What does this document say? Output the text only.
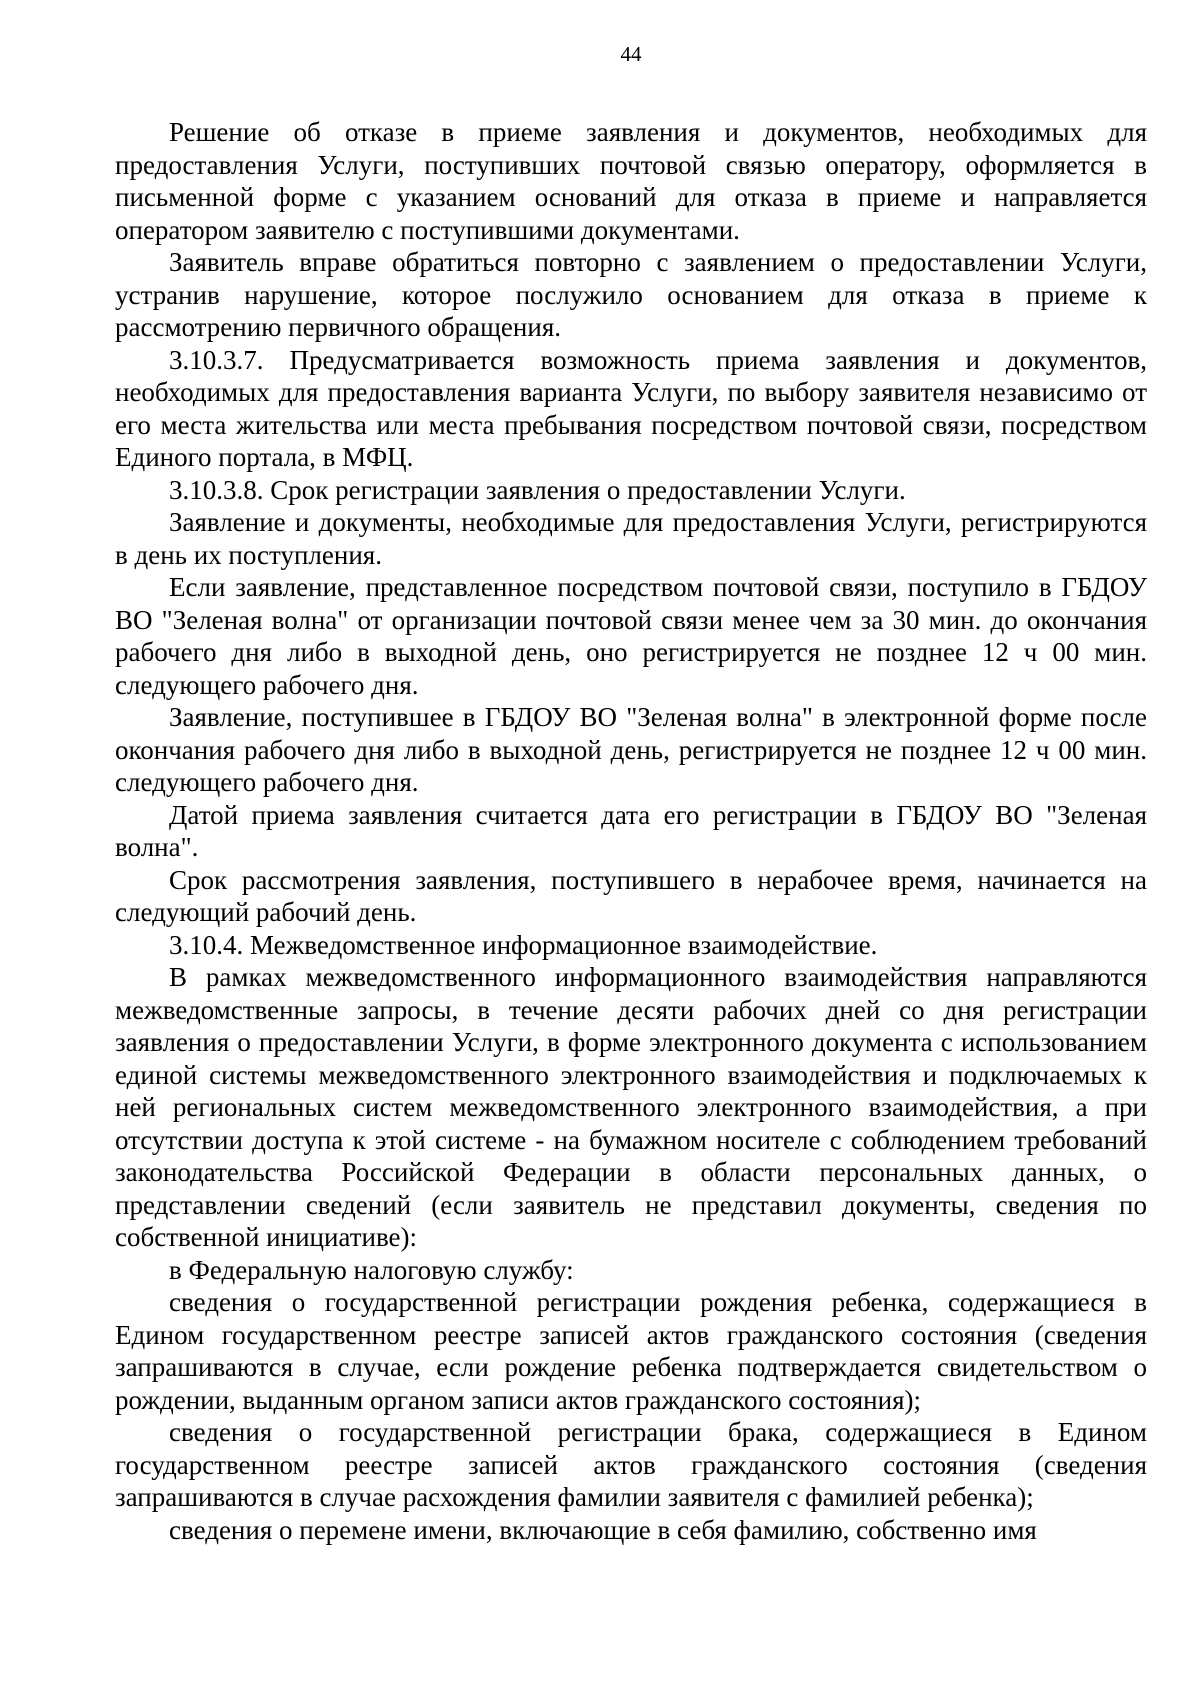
44

Решение об отказе в приеме заявления и документов, необходимых для предоставления Услуги, поступивших почтовой связью оператору, оформляется в письменной форме с указанием оснований для отказа в приеме и направляется оператором заявителю с поступившими документами.

Заявитель вправе обратиться повторно с заявлением о предоставлении Услуги, устранив нарушение, которое послужило основанием для отказа в приеме к рассмотрению первичного обращения.

3.10.3.7. Предусматривается возможность приема заявления и документов, необходимых для предоставления варианта Услуги, по выбору заявителя независимо от его места жительства или места пребывания посредством почтовой связи, посредством Единого портала, в МФЦ.

3.10.3.8. Срок регистрации заявления о предоставлении Услуги.

Заявление и документы, необходимые для предоставления Услуги, регистрируются в день их поступления.

Если заявление, представленное посредством почтовой связи, поступило в ГБДОУ ВО "Зеленая волна" от организации почтовой связи менее чем за 30 мин. до окончания рабочего дня либо в выходной день, оно регистрируется не позднее 12 ч 00 мин. следующего рабочего дня.

Заявление, поступившее в ГБДОУ ВО "Зеленая волна" в электронной форме после окончания рабочего дня либо в выходной день, регистрируется не позднее 12 ч 00 мин. следующего рабочего дня.

Датой приема заявления считается дата его регистрации в ГБДОУ ВО "Зеленая волна".

Срок рассмотрения заявления, поступившего в нерабочее время, начинается на следующий рабочий день.

3.10.4. Межведомственное информационное взаимодействие.

В рамках межведомственного информационного взаимодействия направляются межведомственные запросы, в течение десяти рабочих дней со дня регистрации заявления о предоставлении Услуги, в форме электронного документа с использованием единой системы межведомственного электронного взаимодействия и подключаемых к ней региональных систем межведомственного электронного взаимодействия, а при отсутствии доступа к этой системе - на бумажном носителе с соблюдением требований законодательства Российской Федерации в области персональных данных, о представлении сведений (если заявитель не представил документы, сведения по собственной инициативе):

в Федеральную налоговую службу:

сведения о государственной регистрации рождения ребенка, содержащиеся в Едином государственном реестре записей актов гражданского состояния (сведения запрашиваются в случае, если рождение ребенка подтверждается свидетельством о рождении, выданным органом записи актов гражданского состояния);

сведения о государственной регистрации брака, содержащиеся в Едином государственном реестре записей актов гражданского состояния (сведения запрашиваются в случае расхождения фамилии заявителя с фамилией ребенка);

сведения о перемене имени, включающие в себя фамилию, собственно имя
